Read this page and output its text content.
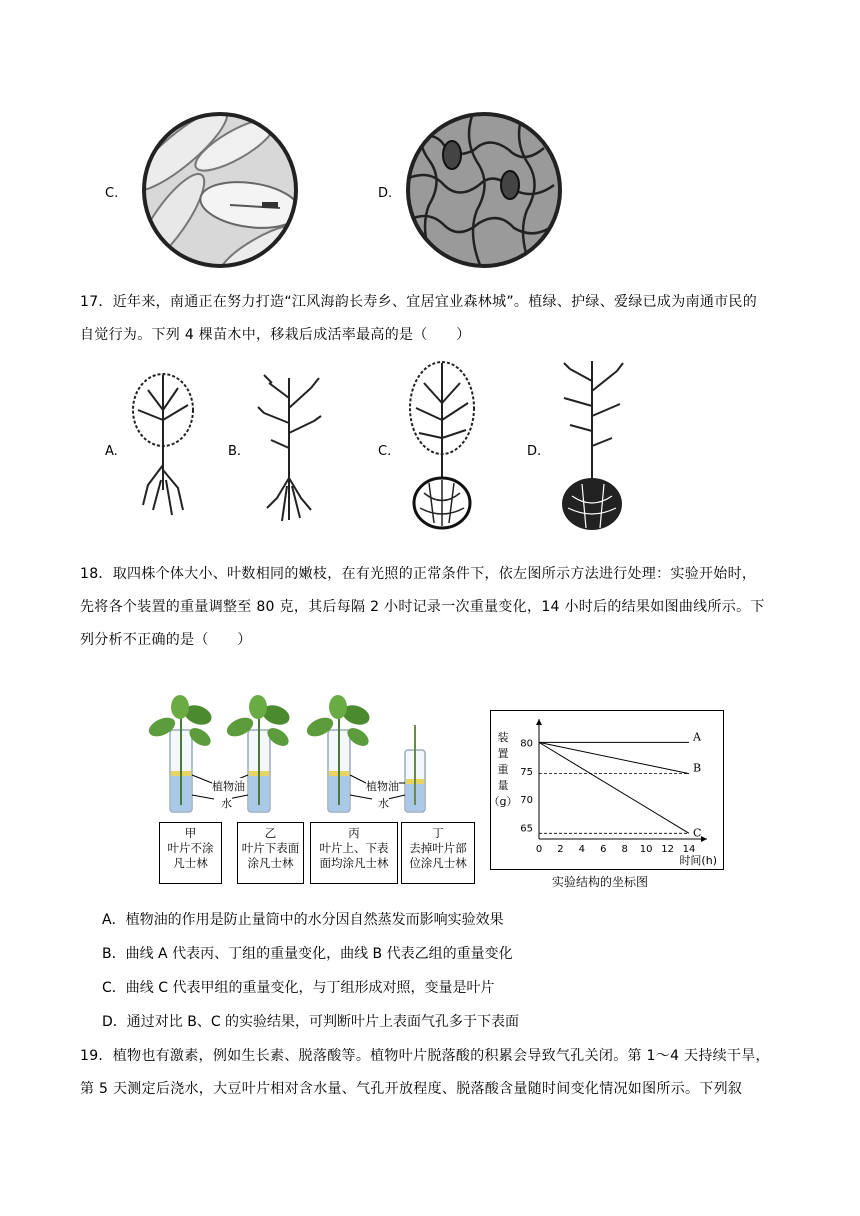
C.	D.
17．近年来，南通正在努力打造“江风海韵长寿乡、宜居宜业森林城”。植绿、护绿、爱绿已成为南通市民的
自觉行为。下列 4 棵苗木中，移栽后成活率最高的是（　　）
A.	B.	C.	D.
18．取四株个体大小、叶数相同的嫩枝，在有光照的正常条件下，依左图所示方法进行处理：实验开始时，
先将各个装置的重量调整至 80 克，其后每隔 2 小时记录一次重量变化，14 小时后的结果如图曲线所示。下
列分析不正确的是（　　）
植物油
水
植物油
水
甲
叶片不涂
凡士林
乙
叶片下表面
涂凡士林
丙
叶片上、下表
面均涂凡士林
丁
去掉叶片部
位涂凡士林
0 2 4 6 8 10 12 14
65
70
75
80
装
置
重
量
（g）
时间(h)
A
B
C
实验结构的坐标图
A．植物油的作用是防止量筒中的水分因自然蒸发而影响实验效果
B．曲线 A 代表丙、丁组的重量变化，曲线 B 代表乙组的重量变化
C．曲线 C 代表甲组的重量变化，与丁组形成对照，变量是叶片
D．通过对比 B、C 的实验结果，可判断叶片上表面气孔多于下表面
19．植物也有激素，例如生长素、脱落酸等。植物叶片脱落酸的积累会导致气孔关闭。第 1～4 天持续干旱，
第 5 天测定后浇水，大豆叶片相对含水量、气孔开放程度、脱落酸含量随时间变化情况如图所示。下列叙
